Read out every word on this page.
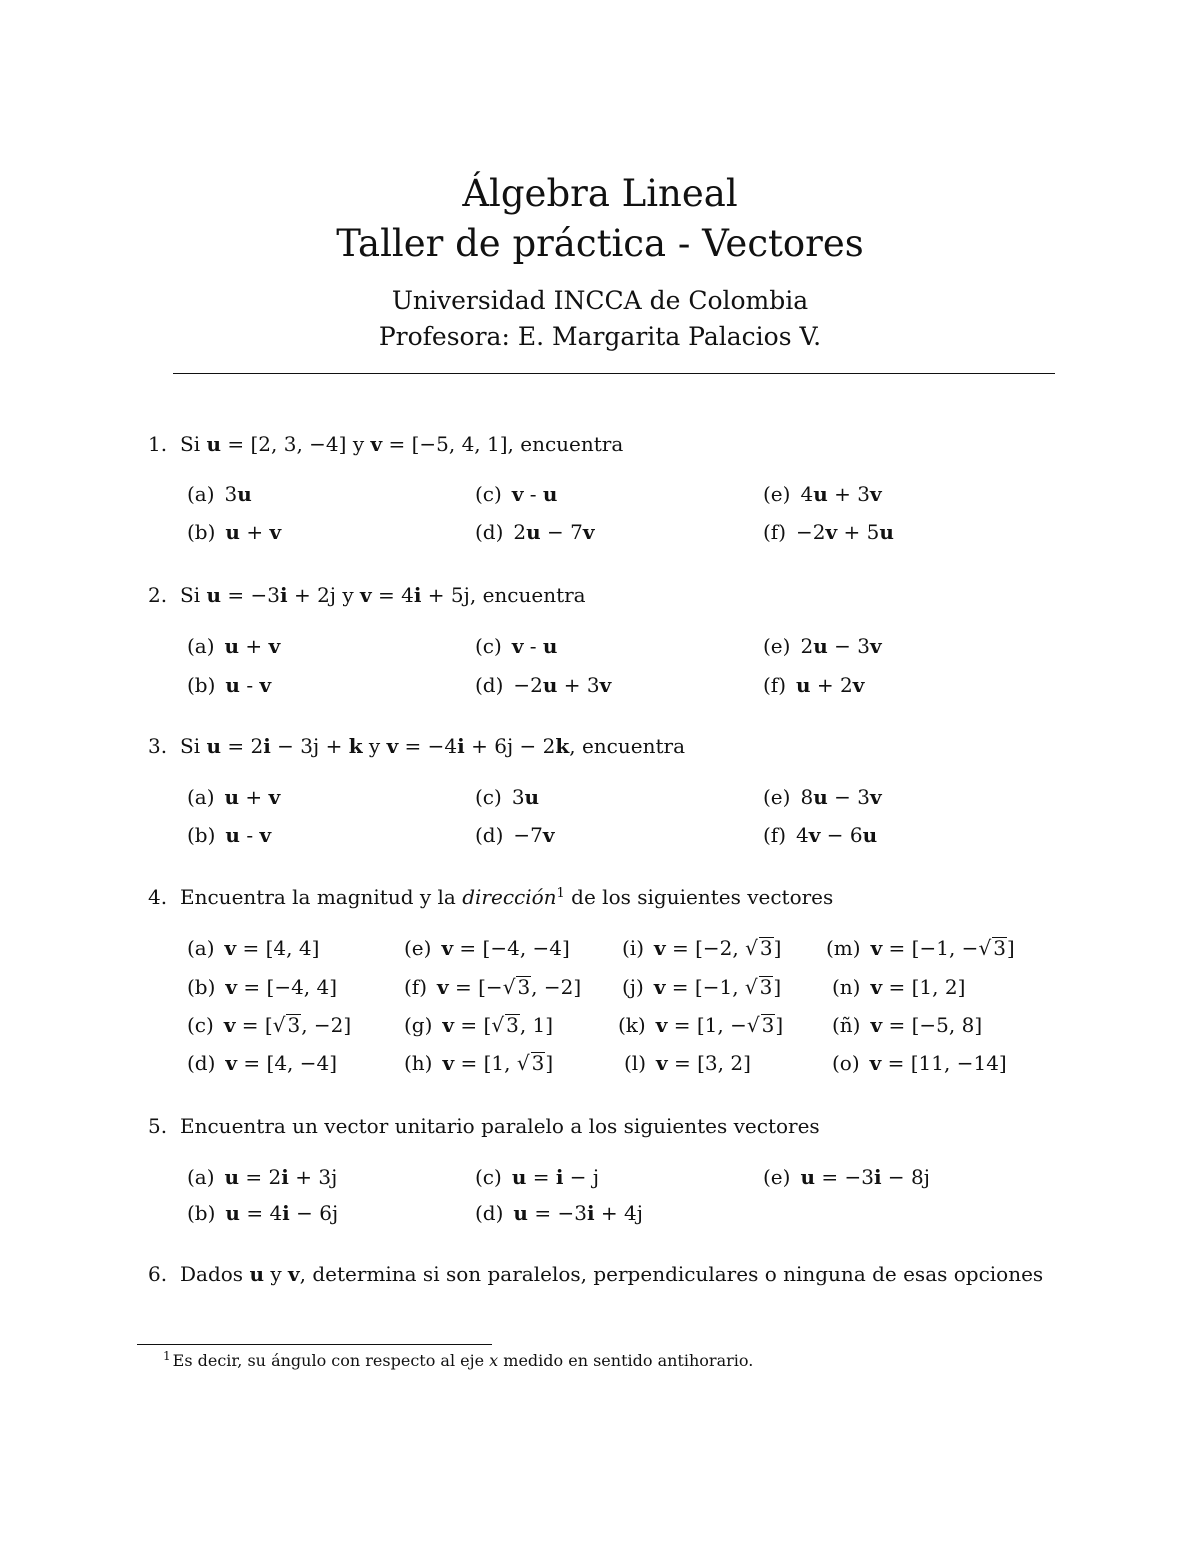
Álgebra Lineal
Taller de práctica - Vectores
Universidad INCCA de Colombia
Profesora: E. Margarita Palacios V.
1. Si u = [2, 3, −4] y v = [−5, 4, 1], encuentra
(a) 3u
(b) u + v
(c) v - u
(d) 2u − 7v
(e) 4u + 3v
(f) −2v + 5u
2. Si u = −3i + 2j y v = 4i + 5j, encuentra
(a) u + v
(b) u - v
(c) v - u
(d) −2u + 3v
(e) 2u − 3v
(f) u + 2v
3. Si u = 2i − 3j + k y v = −4i + 6j − 2k, encuentra
(a) u + v
(b) u - v
(c) 3u
(d) −7v
(e) 8u − 3v
(f) 4v − 6u
4. Encuentra la magnitud y la dirección$^1$ de los siguientes vectores
(a) v = [4, 4]
(b) v = [−4, 4]
(c) v = [√ 3, −2]
(d) v = [4, −4]
(e) v = [−4, −4]
(f) v = [−√ 3, −2]
(g) v = [√ 3, 1]
(h) v = [1, √ 3]
(i) v = [−2, √ 3]
(j) v = [−1, √ 3]
(k) v = [1, −√ 3]
(l) v = [3, 2]
(m) v = [−1, −√ 3]
(n) v = [1, 2]
(ñ) v = [−5, 8]
(o) v = [11, −14]
5. Encuentra un vector unitario paralelo a los siguientes vectores
(a) u = 2i + 3j
(b) u = 4i − 6j
(c) u = i − j
(d) u = −3i + 4j
(e) u = −3i − 8j
6. Dados u y v, determina si son paralelos, perpendiculares o ninguna de esas opciones
$^1$ Es decir, su ángulo con respecto al eje x medido en sentido antihorario.
